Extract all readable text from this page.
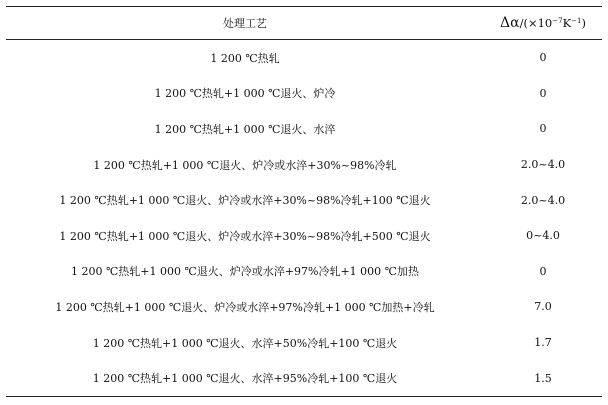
处理工艺	$\Delta\alpha/(\times 10^{-7}K^{-1})$
1 200 ℃热轧	0
1 200 ℃热轧+1 000 ℃退火、炉冷	0
1 200 ℃热轧+1 000 ℃退火、水淬	0
1 200 ℃热轧+1 000 ℃退火、炉冷或水淬+30%~98%冷轧	2.0~4.0
1 200 ℃热轧+1 000 ℃退火、炉冷或水淬+30%~98%冷轧+100 ℃退火	2.0~4.0
1 200 ℃热轧+1 000 ℃退火、炉冷或水淬+30%~98%冷轧+500 ℃退火	0~4.0
1 200 ℃热轧+1 000 ℃退火、炉冷或水淬+97%冷轧+1 000 ℃加热	0
1 200 ℃热轧+1 000 ℃退火、炉冷或水淬+97%冷轧+1 000 ℃加热+冷轧	7.0
1 200 ℃热轧+1 000 ℃退火、水淬+50%冷轧+100 ℃退火	1.7
1 200 ℃热轧+1 000 ℃退火、水淬+95%冷轧+100 ℃退火	1.5
